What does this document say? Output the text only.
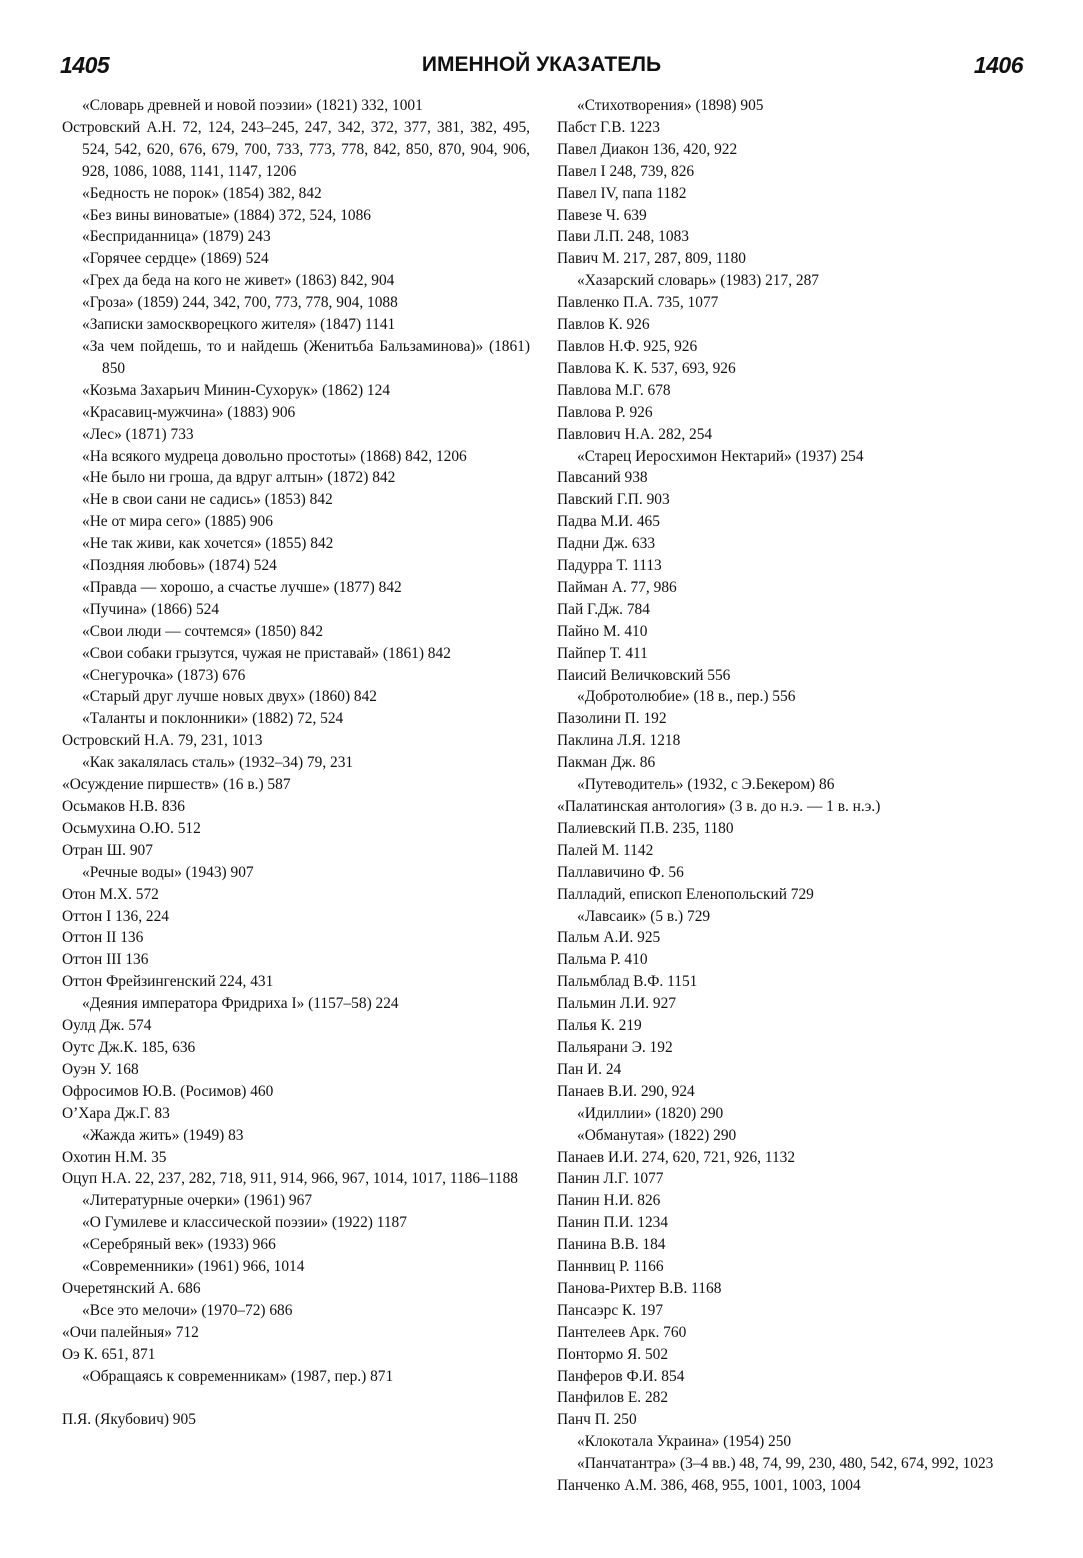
1405	ИМЕННОЙ УКАЗАТЕЛЬ	1406
«Словарь древней и новой поэзии» (1821) 332, 1001
Островский А.Н. 72, 124, 243–245, 247, 342, 372, 377, 381, 382, 495, 524, 542, 620, 676, 679, 700, 733, 773, 778, 842, 850, 870, 904, 906, 928, 1086, 1088, 1141, 1147, 1206
«Бедность не порок» (1854) 382, 842
«Без вины виноватые» (1884) 372, 524, 1086
«Бесприданница» (1879) 243
«Горячее сердце» (1869) 524
«Грех да беда на кого не живет» (1863) 842, 904
«Гроза» (1859) 244, 342, 700, 773, 778, 904, 1088
«Записки замоскворецкого жителя» (1847) 1141
«За чем пойдешь, то и найдешь (Женитьба Бальзаминова)» (1861) 850
«Козьма Захарьич Минин-Сухорук» (1862) 124
«Красавиц-мужчина» (1883) 906
«Лес» (1871) 733
«На всякого мудреца довольно простоты» (1868) 842, 1206
«Не было ни гроша, да вдруг алтын» (1872) 842
«Не в свои сани не садись» (1853) 842
«Не от мира сего» (1885) 906
«Не так живи, как хочется» (1855) 842
«Поздняя любовь» (1874) 524
«Правда — хорошо, а счастье лучше» (1877) 842
«Пучина» (1866) 524
«Свои люди — сочтемся» (1850) 842
«Свои собаки грызутся, чужая не приставай» (1861) 842
«Снегурочка» (1873) 676
«Старый друг лучше новых двух» (1860) 842
«Таланты и поклонники» (1882) 72, 524
Островский Н.А. 79, 231, 1013
«Как закалялась сталь» (1932–34) 79, 231
«Осуждение пиршеств» (16 в.) 587
Осьмаков Н.В. 836
Осьмухина О.Ю. 512
Отран Ш. 907
«Речные воды» (1943) 907
Отон М.Х. 572
Оттон I 136, 224
Оттон II 136
Оттон III 136
Оттон Фрейзингенский 224, 431
«Деяния императора Фридриха I» (1157–58) 224
Оулд Дж. 574
Оутс Дж.К. 185, 636
Оуэн У. 168
Офросимов Ю.В. (Росимов) 460
О’Хара Дж.Г. 83
«Жажда жить» (1949) 83
Охотин Н.М. 35
Оцуп Н.А. 22, 237, 282, 718, 911, 914, 966, 967, 1014, 1017, 1186–1188
«Литературные очерки» (1961) 967
«О Гумилеве и классической поэзии» (1922) 1187
«Серебряный век» (1933) 966
«Современники» (1961) 966, 1014
Очеретянский А. 686
«Все это мелочи» (1970–72) 686
«Очи палейныя» 712
Оэ К. 651, 871
«Обращаясь к современникам» (1987, пер.) 871
П.Я. (Якубович) 905
«Стихотворения» (1898) 905
Пабст Г.В. 1223
Павел Диакон 136, 420, 922
Павел I 248, 739, 826
Павел IV, папа 1182
Павезе Ч. 639
Пави Л.П. 248, 1083
Павич М. 217, 287, 809, 1180
«Хазарский словарь» (1983) 217, 287
Павленко П.А. 735, 1077
Павлов К. 926
Павлов Н.Ф. 925, 926
Павлова К. К. 537, 693, 926
Павлова М.Г. 678
Павлова Р. 926
Павлович Н.А. 282, 254
«Старец Иеросхимон Нектарий» (1937) 254
Павсаний 938
Павский Г.П. 903
Падва М.И. 465
Падни Дж. 633
Падурра Т. 1113
Пайман А. 77, 986
Пай Г.Дж. 784
Пайно М. 410
Пайпер Т. 411
Паисий Величковский 556
«Добротолюбие» (18 в., пер.) 556
Пазолини П. 192
Паклина Л.Я. 1218
Пакман Дж. 86
«Путеводитель» (1932, с Э.Бекером) 86
«Палатинская антология» (3 в. до н.э. — 1 в. н.э.)
Палиевский П.В. 235, 1180
Палей М. 1142
Паллавичино Ф. 56
Палладий, епископ Еленопольский 729
«Лавсаик» (5 в.) 729
Пальм А.И. 925
Пальма Р. 410
Пальмблад В.Ф. 1151
Пальмин Л.И. 927
Палья К. 219
Пальярани Э. 192
Пан И. 24
Панаев В.И. 290, 924
«Идиллии» (1820) 290
«Обманутая» (1822) 290
Панаев И.И. 274, 620, 721, 926, 1132
Панин Л.Г. 1077
Панин Н.И. 826
Панин П.И. 1234
Панина В.В. 184
Паннвиц Р. 1166
Панова-Рихтер В.В. 1168
Пансаэрс К. 197
Пантелеев Арк. 760
Понтормо Я. 502
Панферов Ф.И. 854
Панфилов Е. 282
Панч П. 250
«Клокотала Украина» (1954) 250
«Панчатантра» (3–4 вв.) 48, 74, 99, 230, 480, 542, 674, 992, 1023
Панченко А.М. 386, 468, 955, 1001, 1003, 1004
